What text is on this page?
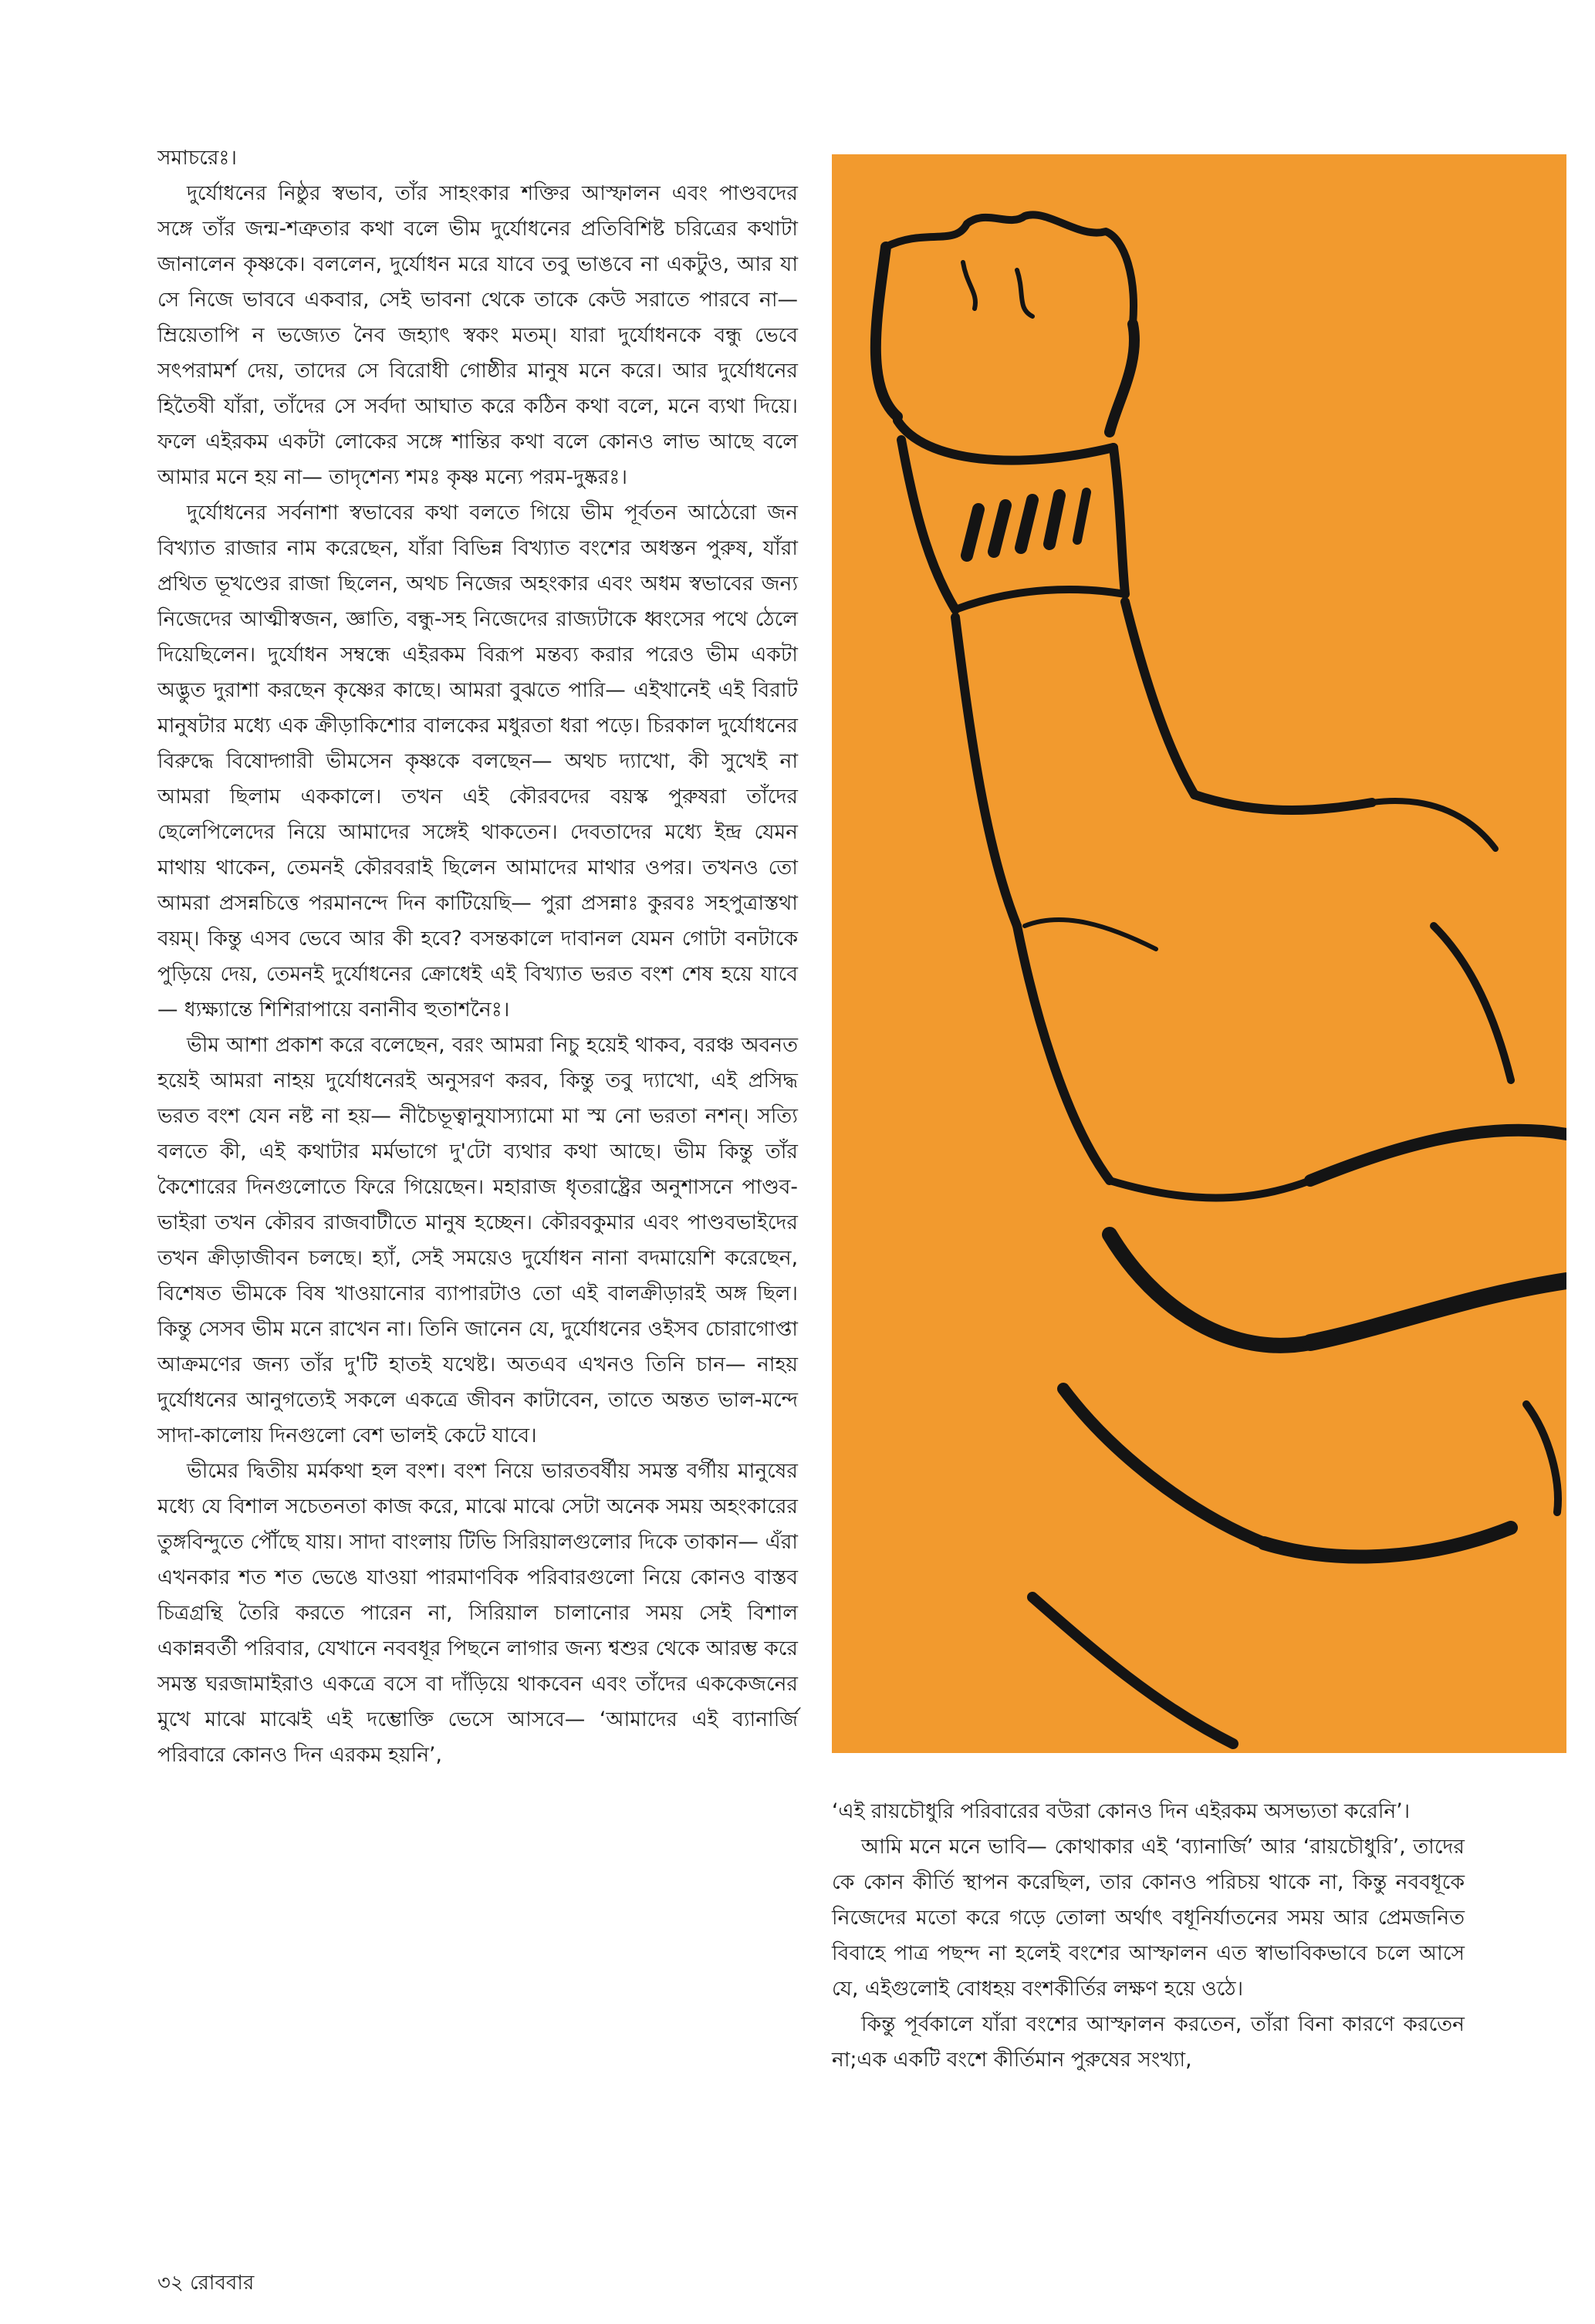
সমাচরেঃ।

দুর্যোধনের নিষ্ঠুর স্বভাব, তাঁর সাহংকার শক্তির আস্ফালন এবং পাণ্ডবদের সঙ্গে তাঁর জন্ম-শত্রুতার কথা বলে ভীম দুর্যোধনের প্রতিবিশিষ্ট চরিত্রের কথাটা জানালেন কৃষ্ণকে। বললেন, দুর্যোধন মরে যাবে তবু ভাঙবে না একটুও, আর যা সে নিজে ভাববে একবার, সেই ভাবনা থেকে তাকে কেউ সরাতে পারবে না— ম্রিয়েতাপি ন ভজ্যেত নৈব জহ্যাৎ স্বকং মতম্। যারা দুর্যোধনকে বন্ধু ভেবে সৎপরামর্শ দেয়, তাদের সে বিরোধী গোষ্ঠীর মানুষ মনে করে। আর দুর্যোধনের হিতৈষী যাঁরা, তাঁদের সে সর্বদা আঘাত করে কঠিন কথা বলে, মনে ব্যথা দিয়ে। ফলে এইরকম একটা লোকের সঙ্গে শান্তির কথা বলে কোনও লাভ আছে বলে আমার মনে হয় না— তাদৃশেন্য শমঃ কৃষ্ণ মন্যে পরম-দুষ্করঃ।

দুর্যোধনের সর্বনাশা স্বভাবের কথা বলতে গিয়ে ভীম পূর্বতন আঠেরো জন বিখ্যাত রাজার নাম করেছেন, যাঁরা বিভিন্ন বিখ্যাত বংশের অধস্তন পুরুষ, যাঁরা প্রথিত ভূখণ্ডের রাজা ছিলেন, অথচ নিজের অহংকার এবং অধম স্বভাবের জন্য নিজেদের আত্মীস্বজন, জ্ঞাতি, বন্ধু-সহ নিজেদের রাজ্যটাকে ধ্বংসের পথে ঠেলে দিয়েছিলেন। দুর্যোধন সম্বন্ধে এইরকম বিরূপ মন্তব্য করার পরেও ভীম একটা অদ্ভুত দুরাশা করছেন কৃষ্ণের কাছে। আমরা বুঝতে পারি— এইখানেই এই বিরাট মানুষটার মধ্যে এক ক্রীড়াকিশোর বালকের মধুরতা ধরা পড়ে। চিরকাল দুর্যোধনের বিরুদ্ধে বিষোদ্গারী ভীমসেন কৃষ্ণকে বলছেন— অথচ দ্যাখো, কী সুখেই না আমরা ছিলাম এককালে। তখন এই কৌরবদের বয়স্ক পুরুষরা তাঁদের ছেলেপিলেদের নিয়ে আমাদের সঙ্গেই থাকতেন। দেবতাদের মধ্যে ইন্দ্র যেমন মাথায় থাকেন, তেমনই কৌরবরাই ছিলেন আমাদের মাথার ওপর। তখনও তো আমরা প্রসন্নচিত্তে পরমানন্দে দিন কাটিয়েছি— পুরা প্রসন্নাঃ কুরবঃ সহপুত্রাস্তথা বয়ম্। কিন্তু এসব ভেবে আর কী হবে? বসন্তকালে দাবানল যেমন গোটা বনটাকে পুড়িয়ে দেয়, তেমনই দুর্যোধনের ক্রোধেই এই বিখ্যাত ভরত বংশ শেষ হয়ে যাবে— ধ্যক্ষ্যান্তে শিশিরাপায়ে বনানীব হুতাশনৈঃ।

ভীম আশা প্রকাশ করে বলেছেন, বরং আমরা নিচু হয়েই থাকব, বরঞ্চ অবনত হয়েই আমরা নাহয় দুর্যোধনেরই অনুসরণ করব, কিন্তু তবু দ্যাখো, এই প্রসিদ্ধ ভরত বংশ যেন নষ্ট না হয়— নীচৈভূত্বানুযাস্যামো মা স্ম নো ভরতা নশন্। সত্যি বলতে কী, এই কথাটার মর্মভাগে দু'টো ব্যথার কথা আছে। ভীম কিন্তু তাঁর কৈশোরের দিনগুলোতে ফিরে গিয়েছেন। মহারাজ ধৃতরাষ্ট্রের অনুশাসনে পাণ্ডব-ভাইরা তখন কৌরব রাজবাটীতে মানুষ হচ্ছেন। কৌরবকুমার এবং পাণ্ডবভাইদের তখন ক্রীড়াজীবন চলছে। হ্যাঁ, সেই সময়েও দুর্যোধন নানা বদমায়েশি করেছেন, বিশেষত ভীমকে বিষ খাওয়ানোর ব্যাপারটাও তো এই বালক্রীড়ারই অঙ্গ ছিল। কিন্তু সেসব ভীম মনে রাখেন না। তিনি জানেন যে, দুর্যোধনের ওইসব চোরাগোপ্তা আক্রমণের জন্য তাঁর দু'টি হাতই যথেষ্ট। অতএব এখনও তিনি চান— নাহয় দুর্যোধনের আনুগত্যেই সকলে একত্রে জীবন কাটাবেন, তাতে অন্তত ভাল-মন্দে সাদা-কালোয় দিনগুলো বেশ ভালই কেটে যাবে।

ভীমের দ্বিতীয় মর্মকথা হল বংশ। বংশ নিয়ে ভারতবর্ষীয় সমস্ত বর্গীয় মানুষের মধ্যে যে বিশাল সচেতনতা কাজ করে, মাঝে মাঝে সেটা অনেক সময় অহংকারের তুঙ্গবিন্দুতে পৌঁছে যায়। সাদা বাংলায় টিভি সিরিয়ালগুলোর দিকে তাকান— এঁরা এখনকার শত শত ভেঙে যাওয়া পারমাণবিক পরিবারগুলো নিয়ে কোনও বাস্তব চিত্রগ্রন্থি তৈরি করতে পারেন না, সিরিয়াল চালানোর সময় সেই বিশাল একান্নবর্তী পরিবার, যেখানে নববধূর পিছনে লাগার জন্য শ্বশুর থেকে আরম্ভ করে সমস্ত ঘরজামাইরাও একত্রে বসে বা দাঁড়িয়ে থাকবেন এবং তাঁদের এককেজনের মুখে মাঝে মাঝেই এই দম্ভোক্তি ভেসে আসবে— ‘আমাদের এই ব্যানার্জি পরিবারে কোনও দিন এরকম হয়নি’,

‘এই রায়চৌধুরি পরিবারের বউরা কোনও দিন এইরকম অসভ্যতা করেনি’।

আমি মনে মনে ভাবি— কোথাকার এই ‘ব্যানার্জি’ আর ‘রায়চৌধুরি’, তাদের কে কোন কীর্তি স্থাপন করেছিল, তার কোনও পরিচয় থাকে না, কিন্তু নববধূকে নিজেদের মতো করে গড়ে তোলা অর্থাৎ বধূনির্যাতনের সময় আর প্রেমজনিত বিবাহে পাত্র পছন্দ না হলেই বংশের আস্ফালন এত স্বাভাবিকভাবে চলে আসে যে, এইগুলোই বোধহয় বংশকীর্তির লক্ষণ হয়ে ওঠে।

কিন্তু পূর্বকালে যাঁরা বংশের আস্ফালন করতেন, তাঁরা বিনা কারণে করতেন না;এক একটি বংশে কীর্তিমান পুরুষের সংখ্যা,

৩২ রোববার
